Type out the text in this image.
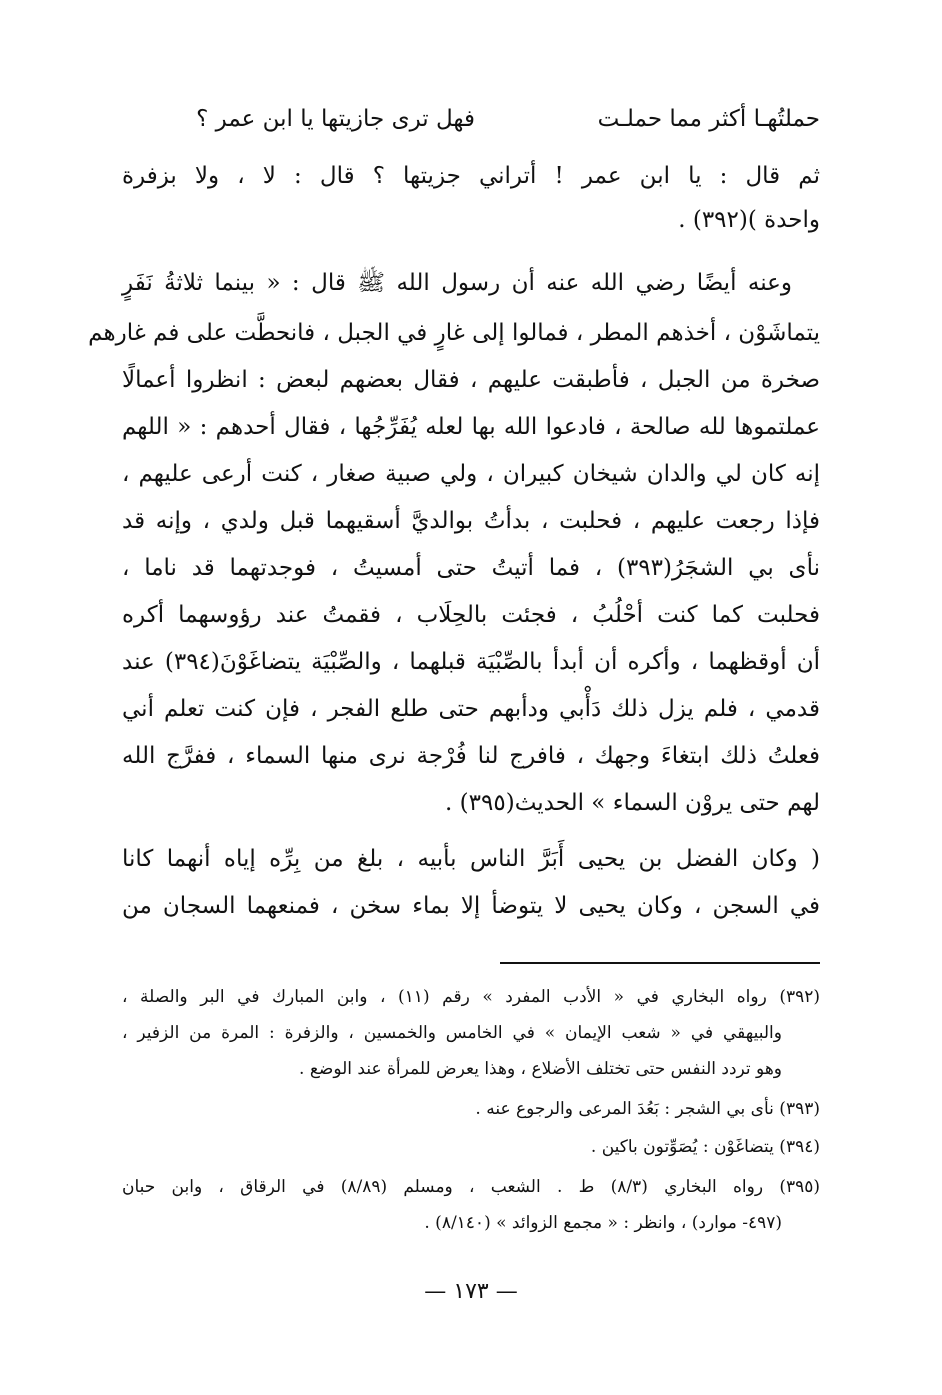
حملتُهـا أكثر مما حملـت
فهل ترى جازيتها يا ابن عمر ؟
ثم قال : يا ابن عمر ! أتراني جزيتها ؟ قال : لا ، ولا بزفرة
واحدة )(٣٩٢) .
وعنه أيضًا رضي الله عنه أن رسول الله ﷺ قال : « بينما ثلاثةُ نَفَرٍ
يتماشَوْن ، أخذهم المطر ، فمالوا إلى غارٍ في الجبل ، فانحطَّت على فم غارهم
صخرة من الجبل ، فأطبقت عليهم ، فقال بعضهم لبعض : انظروا أعمالًا
عملتموها لله صالحة ، فادعوا الله بها لعله يُفَرِّجُها ، فقال أحدهم : « اللهم
إنه كان لي والدان شيخان كبيران ، ولي صبية صغار ، كنت أرعى عليهم ،
فإذا رجعت عليهم ، فحلبت ، بدأتُ بوالديَّ أسقيهما قبل ولدي ، وإنه قد
نأى بي الشجَرُ(٣٩٣) ، فما أتيتُ حتى أمسيتُ ، فوجدتهما قد ناما ،
فحلبت كما كنت أحْلُبُ ، فجئت بالحِلَاب ، فقمتُ عند رؤوسهما أكره
أن أوقظهما ، وأكره أن أبدأ بالصِّبْيَة قبلهما ، والصِّبْيَة يتضاغَوْنَ(٣٩٤) عند
قدمي ، فلم يزل ذلك دَأْبي ودأبهم حتى طلع الفجر ، فإن كنت تعلم أني
فعلتُ ذلك ابتغاءَ وجهك ، فافرج لنا فُرْجة نرى منها السماء ، ففرَّج الله
لهم حتى يروْن السماء » الحديث(٣٩٥) .
( وكان الفضل بن يحيى أَبَرَّ الناس بأبيه ، بلغ من بِرِّه إياه أنهما كانا
في السجن ، وكان يحيى لا يتوضأ إلا بماء سخن ، فمنعهما السجان من
(٣٩٢) رواه البخاري في « الأدب المفرد » رقم (١١) ، وابن المبارك في البر والصلة ،
والبيهقي في « شعب الإيمان » في الخامس والخمسين ، والزفرة : المرة من الزفير ،
وهو تردد النفس حتى تختلف الأضلاع ، وهذا يعرض للمرأة عند الوضع .
(٣٩٣) نأى بي الشجر : بَعُدَ المرعى والرجوع عنه .
(٣٩٤) يتضاغَوْن : يُصَوِّتون باكين .
(٣٩٥) رواه البخاري (٨/٣) ط . الشعب ، ومسلم (٨/٨٩) في الرقاق ، وابن حبان
(٤٩٧- موارد) ، وانظر : « مجمع الزوائد » (٨/١٤٠) .
— ١٧٣ —
